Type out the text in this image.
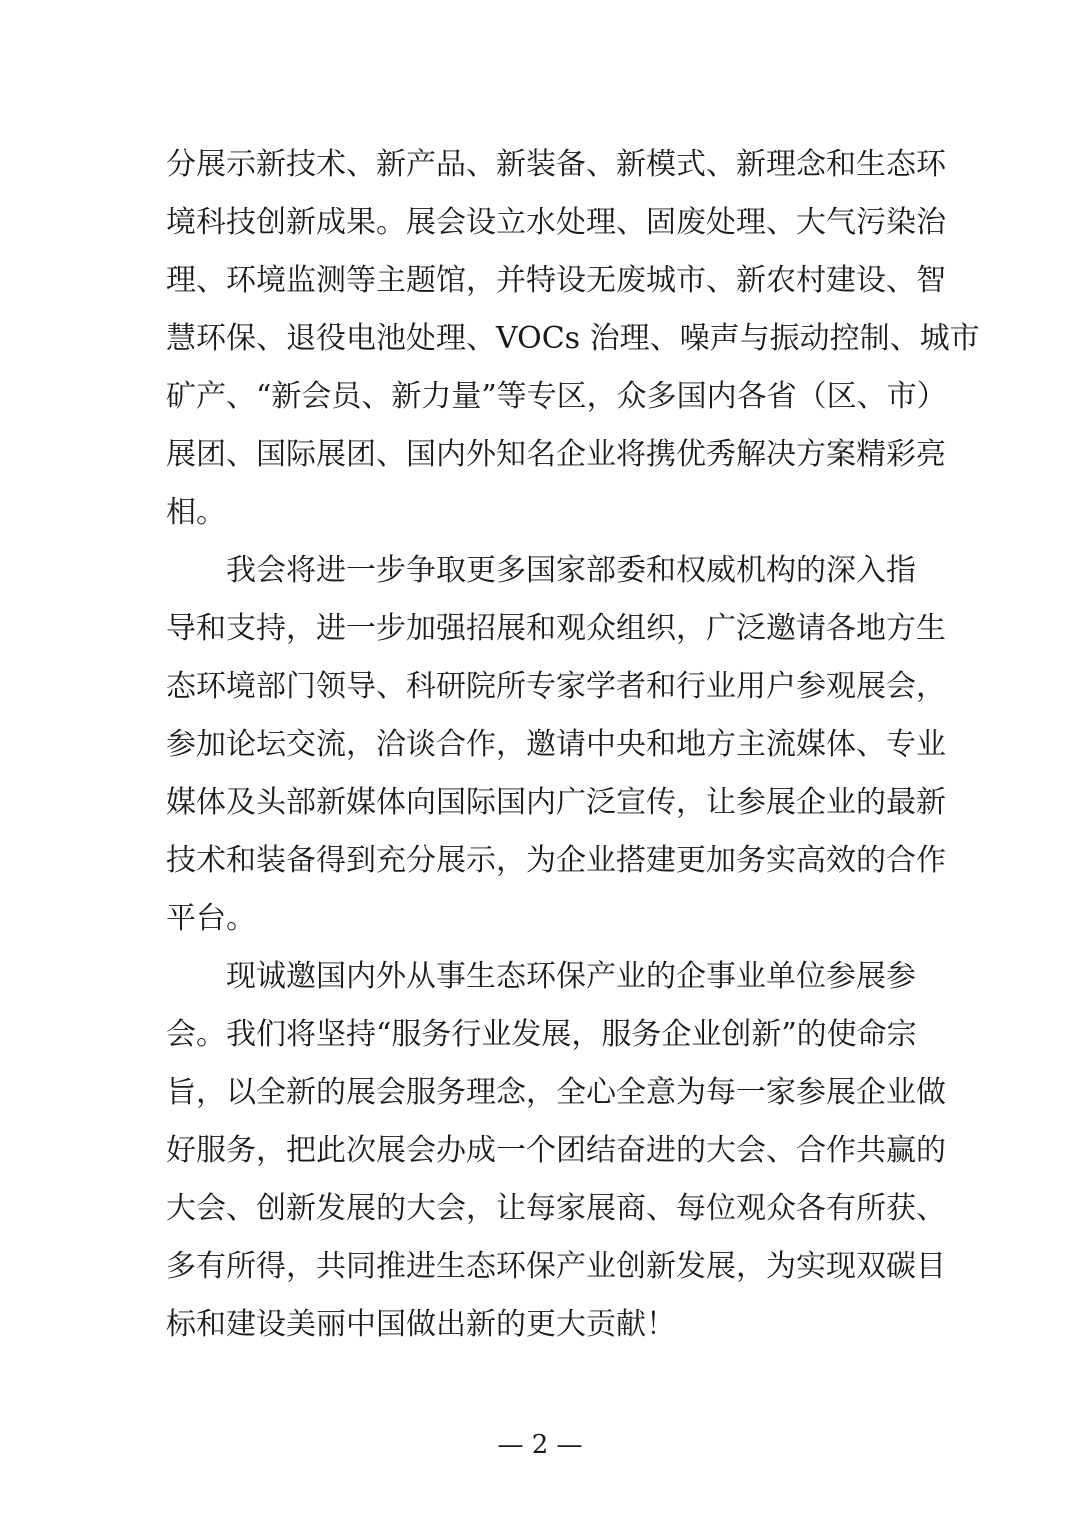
分展示新技术、新产品、新装备、新模式、新理念和生态环
境科技创新成果。展会设立水处理、固废处理、大气污染治
理、环境监测等主题馆，并特设无废城市、新农村建设、智
慧环保、退役电池处理、VOCs 治理、噪声与振动控制、城市
矿产、“新会员、新力量”等专区，众多国内各省（区、市）
展团、国际展团、国内外知名企业将携优秀解决方案精彩亮
相。
　　我会将进一步争取更多国家部委和权威机构的深入指
导和支持，进一步加强招展和观众组织，广泛邀请各地方生
态环境部门领导、科研院所专家学者和行业用户参观展会，
参加论坛交流，洽谈合作，邀请中央和地方主流媒体、专业
媒体及头部新媒体向国际国内广泛宣传，让参展企业的最新
技术和装备得到充分展示，为企业搭建更加务实高效的合作
平台。
　　现诚邀国内外从事生态环保产业的企事业单位参展参
会。我们将坚持“服务行业发展，服务企业创新”的使命宗
旨，以全新的展会服务理念，全心全意为每一家参展企业做
好服务，把此次展会办成一个团结奋进的大会、合作共赢的
大会、创新发展的大会，让每家展商、每位观众各有所获、
多有所得，共同推进生态环保产业创新发展，为实现双碳目
标和建设美丽中国做出新的更大贡献！
— 2 —
